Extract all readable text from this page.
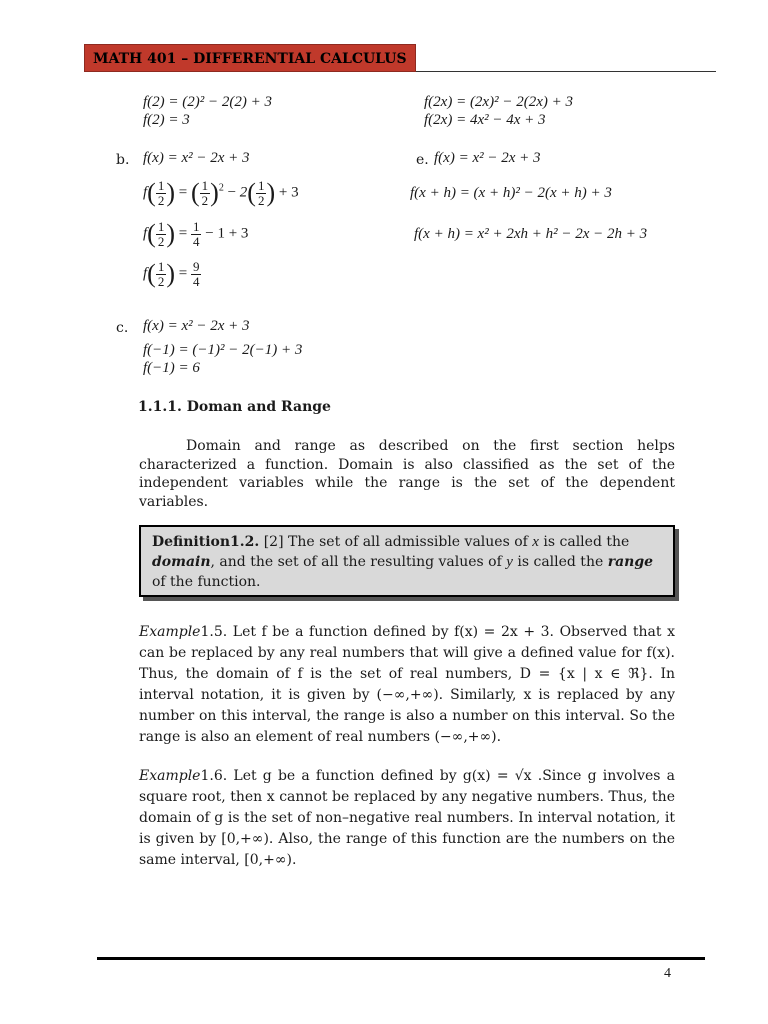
MATH 401 – DIFFERENTIAL CALCULUS
f(2) = (2)² − 2(2) + 3
f(2) = 3
f(2x) = (2x)² − 2(2x) + 3
f(2x) = 4x² − 4x + 3
b. f(x) = x² − 2x + 3
$f( \frac{1}{2}$ ) = ( $\frac{1}{2} )^2 - 2( \frac{1}{2}$ ) + 3
$f( \frac{1}{2}$ ) = $\frac{1}{4} - 1 + 3$
$f( \frac{1}{2}$ ) = $\frac{9}{4}$
e. f(x) = x² − 2x + 3
f(x + h) = (x + h)² − 2(x + h) + 3
f(x + h) = x² + 2xh + h² − 2x − 2h + 3
c. f(x) = x² − 2x + 3
f(−1) = (−1)² − 2(−1) + 3
f(−1) = 6
1.1.1. Doman and Range
Domain and range as described on the first section helps characterized a function. Domain is also classified as the set of the independent variables while the range is the set of the dependent variables.
Definition1.2. [2] The set of all admissible values of x is called the domain, and the set of all the resulting values of y is called the range of the function.
Example1.5. Let f be a function defined by f(x) = 2x + 3. Observed that x can be replaced by any real numbers that will give a defined value for f(x). Thus, the domain of f is the set of real numbers, D = {x | x ∈ ℜ}. In interval notation, it is given by (−∞,+∞). Similarly, x is replaced by any number on this interval, the range is also a number on this interval. So the range is also an element of real numbers (−∞,+∞).
Example1.6. Let g be a function defined by g(x) = √x .Since g involves a square root, then x cannot be replaced by any negative numbers. Thus, the domain of g is the set of non–negative real numbers. In interval notation, it is given by [0,+∞). Also, the range of this function are the numbers on the same interval, [0,+∞).
4
